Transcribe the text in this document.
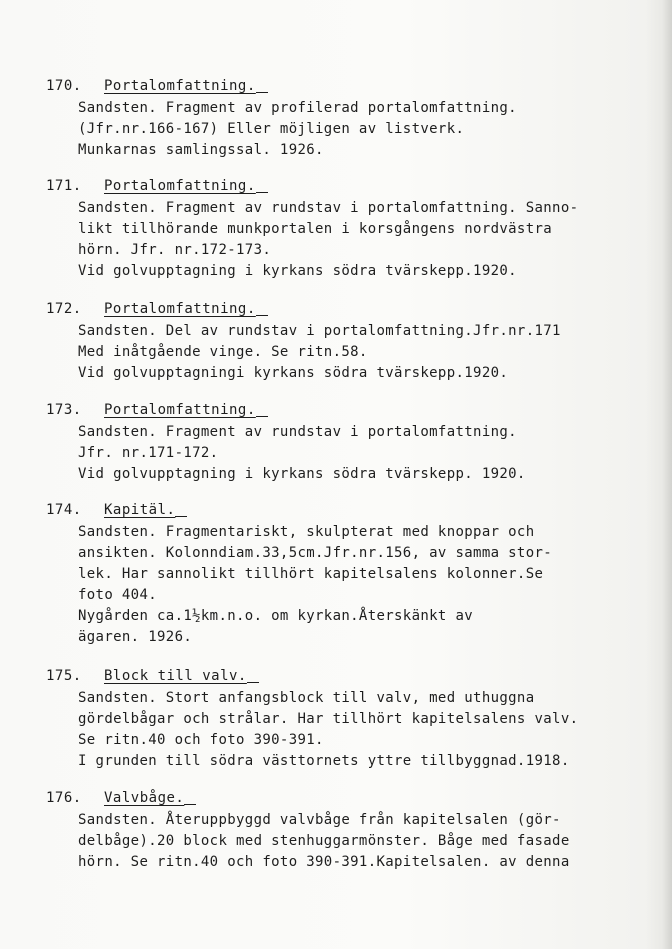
170. Portalomfattning.
Sandsten. Fragment av profilerad portalomfattning.
(Jfr.nr.166-167) Eller möjligen av listverk.
Munkarnas samlingssal. 1926.
171. Portalomfattning.
Sandsten. Fragment av rundstav i portalomfattning. Sanno-
likt tillhörande munkportalen i korsgångens nordvästra
hörn. Jfr. nr.172-173.
Vid golvupptagning i kyrkans södra tvärskepp.1920.
172. Portalomfattning.
Sandsten. Del av rundstav i portalomfattning.Jfr.nr.171
Med inåtgående vinge. Se ritn.58.
Vid golvupptagningi kyrkans södra tvärskepp.1920.
173. Portalomfattning.
Sandsten. Fragment av rundstav i portalomfattning.
Jfr. nr.171-172.
Vid golvupptagning i kyrkans södra tvärskepp. 1920.
174. Kapitäl.
Sandsten. Fragmentariskt, skulpterat med knoppar och
ansikten. Kolonndiam.33,5cm.Jfr.nr.156, av samma stor-
lek. Har sannolikt tillhört kapitelsalens kolonner.Se
foto 404.
Nygården ca.1½km.n.o. om kyrkan.Återskänkt av
ägaren. 1926.
175. Block till valv.
Sandsten. Stort anfangsblock till valv, med uthuggna
gördelbågar och strålar. Har tillhört kapitelsalens valv.
Se ritn.40 och foto 390-391.
I grunden till södra västtornets yttre tillbyggnad.1918.
176. Valvbåge.
Sandsten. Återuppbyggd valvbåge från kapitelsalen (gör-
delbåge).20 block med stenhuggarmönster. Båge med fasade
hörn. Se ritn.40 och foto 390-391.Kapitelsalen. av denna
